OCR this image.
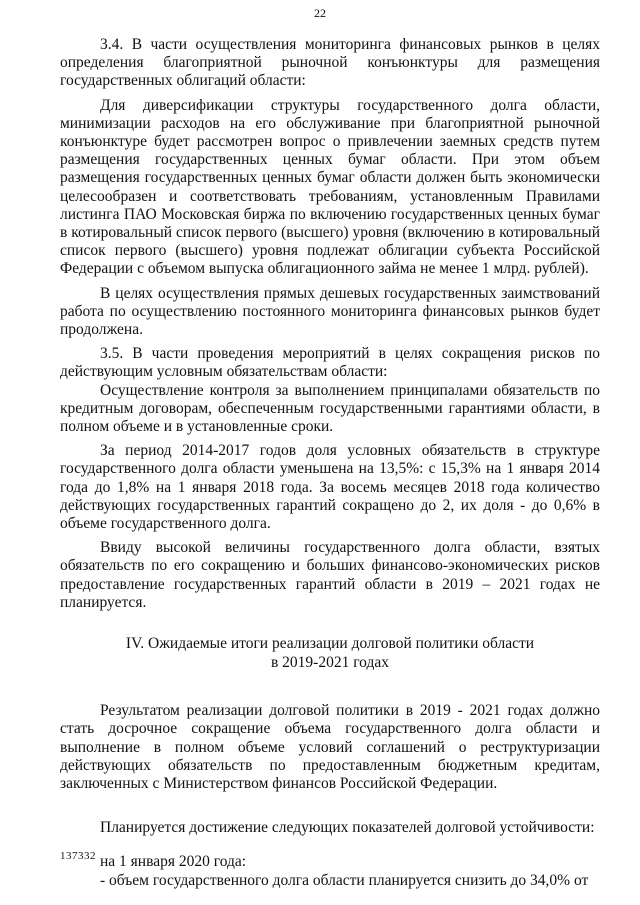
22

3.4. В части осуществления мониторинга финансовых рынков в целях определения благоприятной рыночной конъюнктуры для размещения государственных облигаций области:

Для диверсификации структуры государственного долга области, минимизации расходов на его обслуживание при благоприятной рыночной конъюнктуре будет рассмотрен вопрос о привлечении заемных средств путем размещения государственных ценных бумаг области. При этом объем размещения государственных ценных бумаг области должен быть экономически целесообразен и соответствовать требованиям, установленным Правилами листинга ПАО Московская биржа по включению государственных ценных бумаг в котировальный список первого (высшего) уровня (включению в котировальный список первого (высшего) уровня подлежат облигации субъекта Российской Федерации с объемом выпуска облигационного займа не менее 1 млрд. рублей).

В целях осуществления прямых дешевых государственных заимствований работа по осуществлению постоянного мониторинга финансовых рынков будет продолжена.

3.5. В части проведения мероприятий в целях сокращения рисков по действующим условным обязательствам области:

Осуществление контроля за выполнением принципалами обязательств по кредитным договорам, обеспеченным государственными гарантиями области, в полном объеме и в установленные сроки.

За период 2014-2017 годов доля условных обязательств в структуре государственного долга области уменьшена на 13,5%: с 15,3% на 1 января 2014 года до 1,8% на 1 января 2018 года. За восемь месяцев 2018 года количество действующих государственных гарантий сокращено до 2, их доля - до 0,6% в объеме государственного долга.

Ввиду высокой величины государственного долга области, взятых обязательств по его сокращению и больших финансово-экономических рисков предоставление государственных гарантий области в 2019 – 2021 годах не планируется.

IV. Ожидаемые итоги реализации долговой политики области
в 2019-2021 годах

Результатом реализации долговой политики в 2019 - 2021 годах должно стать досрочное сокращение объема государственного долга области и выполнение в полном объеме условий соглашений о реструктуризации действующих обязательств по предоставленным бюджетным кредитам, заключенных с Министерством финансов Российской Федерации.

Планируется достижение следующих показателей долговой устойчивости:

на 1 января 2020 года:

- объем государственного долга области планируется снизить до 34,0% от

137332
